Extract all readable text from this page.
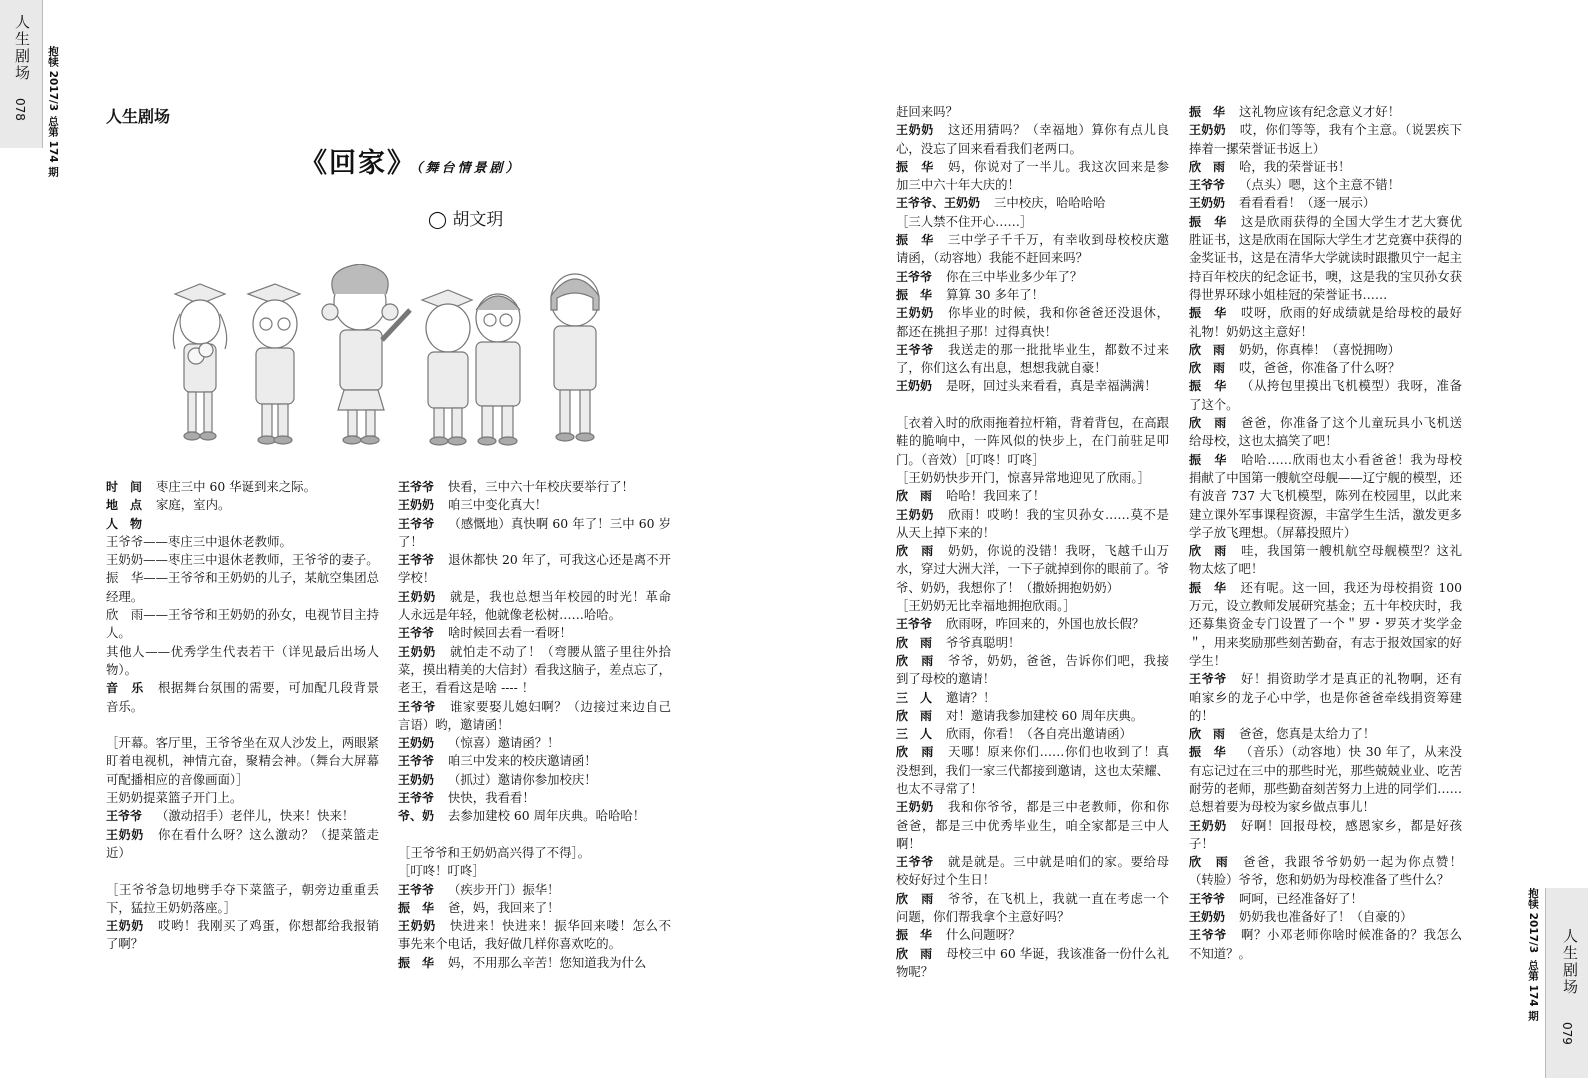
人生剧场
078 抱犊 2017/3
总第 174 期
人生剧场
079
抱犊 2017/3
总第 174 期
人生剧场
《回家》（舞台情景剧）
◯ 胡文玥

时　间 枣庄三中 60 华诞到来之际。

地　点 家庭，室内。

人　物

王爷爷——枣庄三中退休老教师。

王奶奶——枣庄三中退休老教师，王爷爷的妻子。

振　华——王爷爷和王奶奶的儿子，某航空集团总经理。

欣　雨——王爷爷和王奶奶的孙女，电视节目主持人。

其他人——优秀学生代表若干（详见最后出场人物）。

音　乐 根据舞台氛围的需要，可加配几段背景音乐。

［开幕。客厅里，王爷爷坐在双人沙发上，两眼紧盯着电视机，神情亢奋，聚精会神。（舞台大屏幕可配播相应的音像画面）］

王奶奶提菜篮子开门上。

王爷爷 （激动招手）老伴儿，快来！快来！

王奶奶 你在看什么呀？这么激动？（提菜篮走近）

［王爷爷急切地劈手夺下菜篮子，朝旁边重重丢下，猛拉王奶奶落座。］

王奶奶 哎哟！我刚买了鸡蛋，你想都给我报销了啊？

王爷爷 快看，三中六十年校庆要举行了！

王奶奶 咱三中变化真大！

王爷爷 （感慨地）真快啊 60 年了！三中 60 岁了！

王爷爷 退休都快 20 年了，可我这心还是离不开学校！

王奶奶 就是，我也总想当年校园的时光！革命人永远是年轻，他就像老松树……哈哈。

王爷爷 啥时候回去看一看呀！

王奶奶 就怕走不动了！（弯腰从篮子里往外拾菜，摸出精美的大信封）看我这脑子，差点忘了，老王，看看这是啥 ---- ！

王爷爷 谁家要娶儿媳妇啊？（边接过来边自己言语）哟，邀请函！

王奶奶 （惊喜）邀请函？！

王爷爷 咱三中发来的校庆邀请函！

王奶奶 （抓过）邀请你参加校庆！

王爷爷 快快，我看看！

爷、奶 去参加建校 60 周年庆典。哈哈哈！

［王爷爷和王奶奶高兴得了不得］。

［叮咚！叮咚］

王爷爷 （疾步开门）振华！

振　华 爸，妈，我回来了！

王奶奶 快进来！快进来！振华回来喽！怎么不事先来个电话，我好做几样你喜欢吃的。

振　华 妈，不用那么辛苦！您知道我为什么

赶回来吗？

王奶奶 这还用猜吗？（幸福地）算你有点儿良心，没忘了回来看看我们老两口。

振　华 妈，你说对了一半儿。我这次回来是参加三中六十年大庆的！

王爷爷、王奶奶 三中校庆，哈哈哈哈

［三人禁不住开心……］

振　华 三中学子千千万，有幸收到母校校庆邀请函，（动容地）我能不赶回来吗？

王爷爷 你在三中毕业多少年了？

振　华 算算 30 多年了！

王奶奶 你毕业的时候，我和你爸爸还没退休，都还在挑担子那！过得真快！

王爷爷 我送走的那一批批毕业生，都数不过来了，你们这么有出息，想想我就自豪！

王奶奶 是呀，回过头来看看，真是幸福满满！

［衣着入时的欣雨拖着拉杆箱，背着背包，在高跟鞋的脆响中，一阵风似的快步上，在门前驻足叩门。（音效）［叮咚！叮咚］

［王奶奶快步开门，惊喜异常地迎见了欣雨。］

欣　雨 哈哈！我回来了！

王奶奶 欣雨！哎哟！我的宝贝孙女……莫不是从天上掉下来的！

欣　雨 奶奶，你说的没错！我呀，飞越千山万水，穿过大洲大洋，一下子就掉到你的眼前了。爷爷、奶奶，我想你了！（撒娇拥抱奶奶）

［王奶奶无比幸福地拥抱欣雨。］

王爷爷 欣雨呀，咋回来的，外国也放长假？

欣　雨 爷爷真聪明！

欣　雨 爷爷，奶奶，爸爸，告诉你们吧，我接到了母校的邀请！

三　人 邀请？！

欣　雨 对！邀请我参加建校 60 周年庆典。

三　人 欣雨，你看！（各自亮出邀请函）

欣　雨 天哪！原来你们……你们也收到了！真没想到，我们一家三代都接到邀请，这也太荣耀、也太不寻常了！

王奶奶 我和你爷爷，都是三中老教师，你和你爸爸，都是三中优秀毕业生，咱全家都是三中人啊！

王爷爷 就是就是。三中就是咱们的家。要给母校好好过个生日！

欣　雨 爷爷，在飞机上，我就一直在考虑一个问题，你们帮我拿个主意好吗？

振　华 什么问题呀？

欣　雨 母校三中 60 华诞，我该准备一份什么礼物呢？

振　华 这礼物应该有纪念意义才好！

王奶奶 哎，你们等等，我有个主意。（说罢疾下捧着一摞荣誉证书返上）

欣　雨 哈，我的荣誉证书！

王爷爷 （点头）嗯，这个主意不错！

王奶奶 看看看看！（逐一展示）

振　华 这是欣雨获得的全国大学生才艺大赛优胜证书，这是欣雨在国际大学生才艺竞赛中获得的金奖证书，这是在清华大学就读时跟撒贝宁一起主持百年校庆的纪念证书，噢，这是我的宝贝孙女获得世界环球小姐桂冠的荣誉证书……

振　华 哎呀，欣雨的好成绩就是给母校的最好礼物！奶奶这主意好！

欣　雨 奶奶，你真棒！（喜悦拥吻）

欣　雨 哎，爸爸，你准备了什么呀？

振　华 （从挎包里摸出飞机模型）我呀，准备了这个。

欣　雨 爸爸，你准备了这个儿童玩具小飞机送给母校，这也太搞笑了吧！

振　华 哈哈……欣雨也太小看爸爸！我为母校捐献了中国第一艘航空母舰——辽宁舰的模型，还有波音 737 大飞机模型，陈列在校园里，以此来建立课外军事课程资源，丰富学生生活，激发更多学子放飞理想。（屏幕投照片）

欣　雨 哇，我国第一艘机航空母舰模型？这礼物太炫了吧！

振　华 还有呢。这一回，我还为母校捐资 100 万元，设立教师发展研究基金；五十年校庆时，我还募集资金专门设置了一个＂罗・罗英才奖学金＂，用来奖励那些刻苦勤奋，有志于报效国家的好学生！

王爷爷 好！捐资助学才是真正的礼物啊，还有咱家乡的龙子心中学，也是你爸爸牵线捐资筹建的！

欣　雨 爸爸，您真是太给力了！

振　华 （音乐）（动容地）快 30 年了，从来没有忘记过在三中的那些时光，那些兢兢业业、吃苦耐劳的老师，那些勤奋刻苦努力上进的同学们……总想着要为母校为家乡做点事儿！

王奶奶 好啊！回报母校，感恩家乡，都是好孩子！

欣　雨 爸爸，我跟爷爷奶奶一起为你点赞！（转脸）爷爷，您和奶奶为母校准备了些什么？

王爷爷 呵呵，已经准备好了！

王奶奶 奶奶我也准备好了！（自豪的）

王爷爷 啊？小邓老师你啥时候准备的？我怎么不知道？。
